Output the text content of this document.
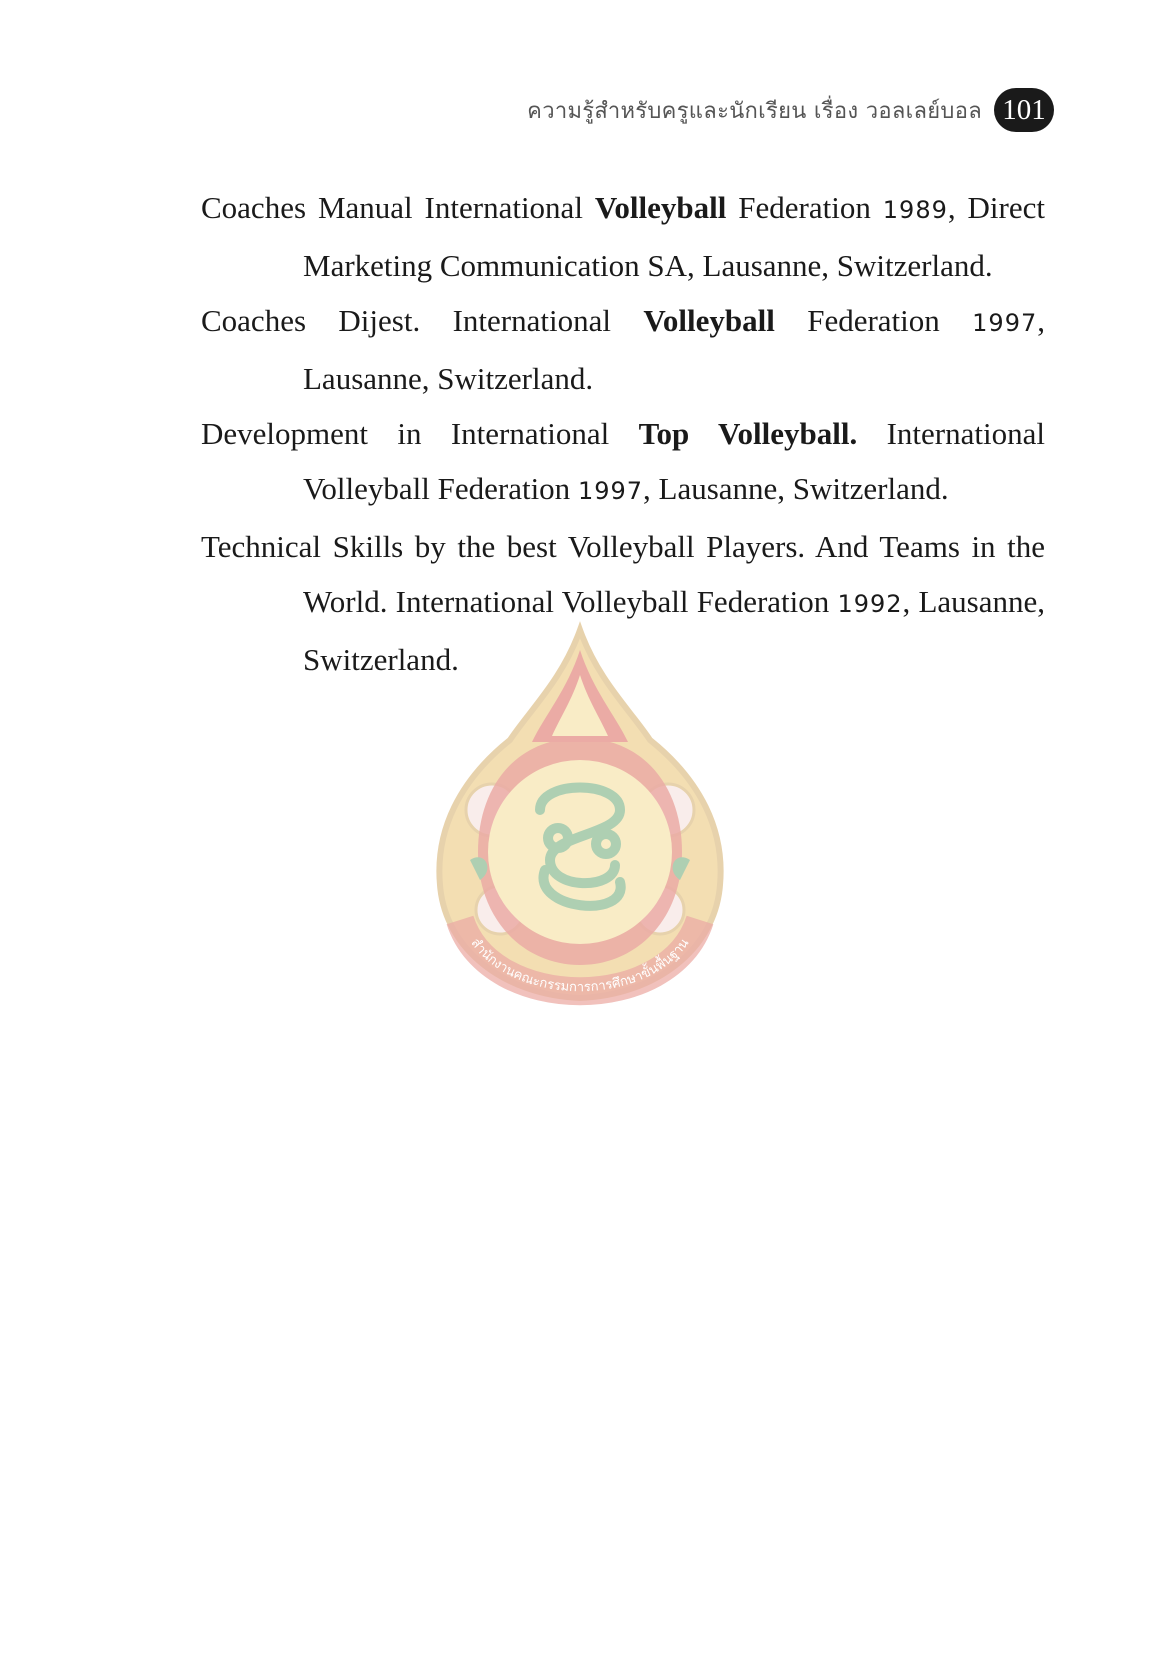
ความรู้สำหรับครูและนักเรียน เรื่อง วอลเลย์บอล 101
Coaches Manual International Volleyball Federation 1989, Direct Marketing Communication SA, Lausanne, Switzerland.
Coaches Dijest. International Volleyball Federation 1997, Lausanne, Switzerland.
Development in International Top Volleyball. International Volleyball Federation 1997, Lausanne, Switzerland.
Technical Skills by the best Volleyball Players. And Teams in the World. International Volleyball Federation 1992, Lausanne, Switzerland.
สำนักงานคณะกรรมการการศึกษาขั้นพื้นฐาน
